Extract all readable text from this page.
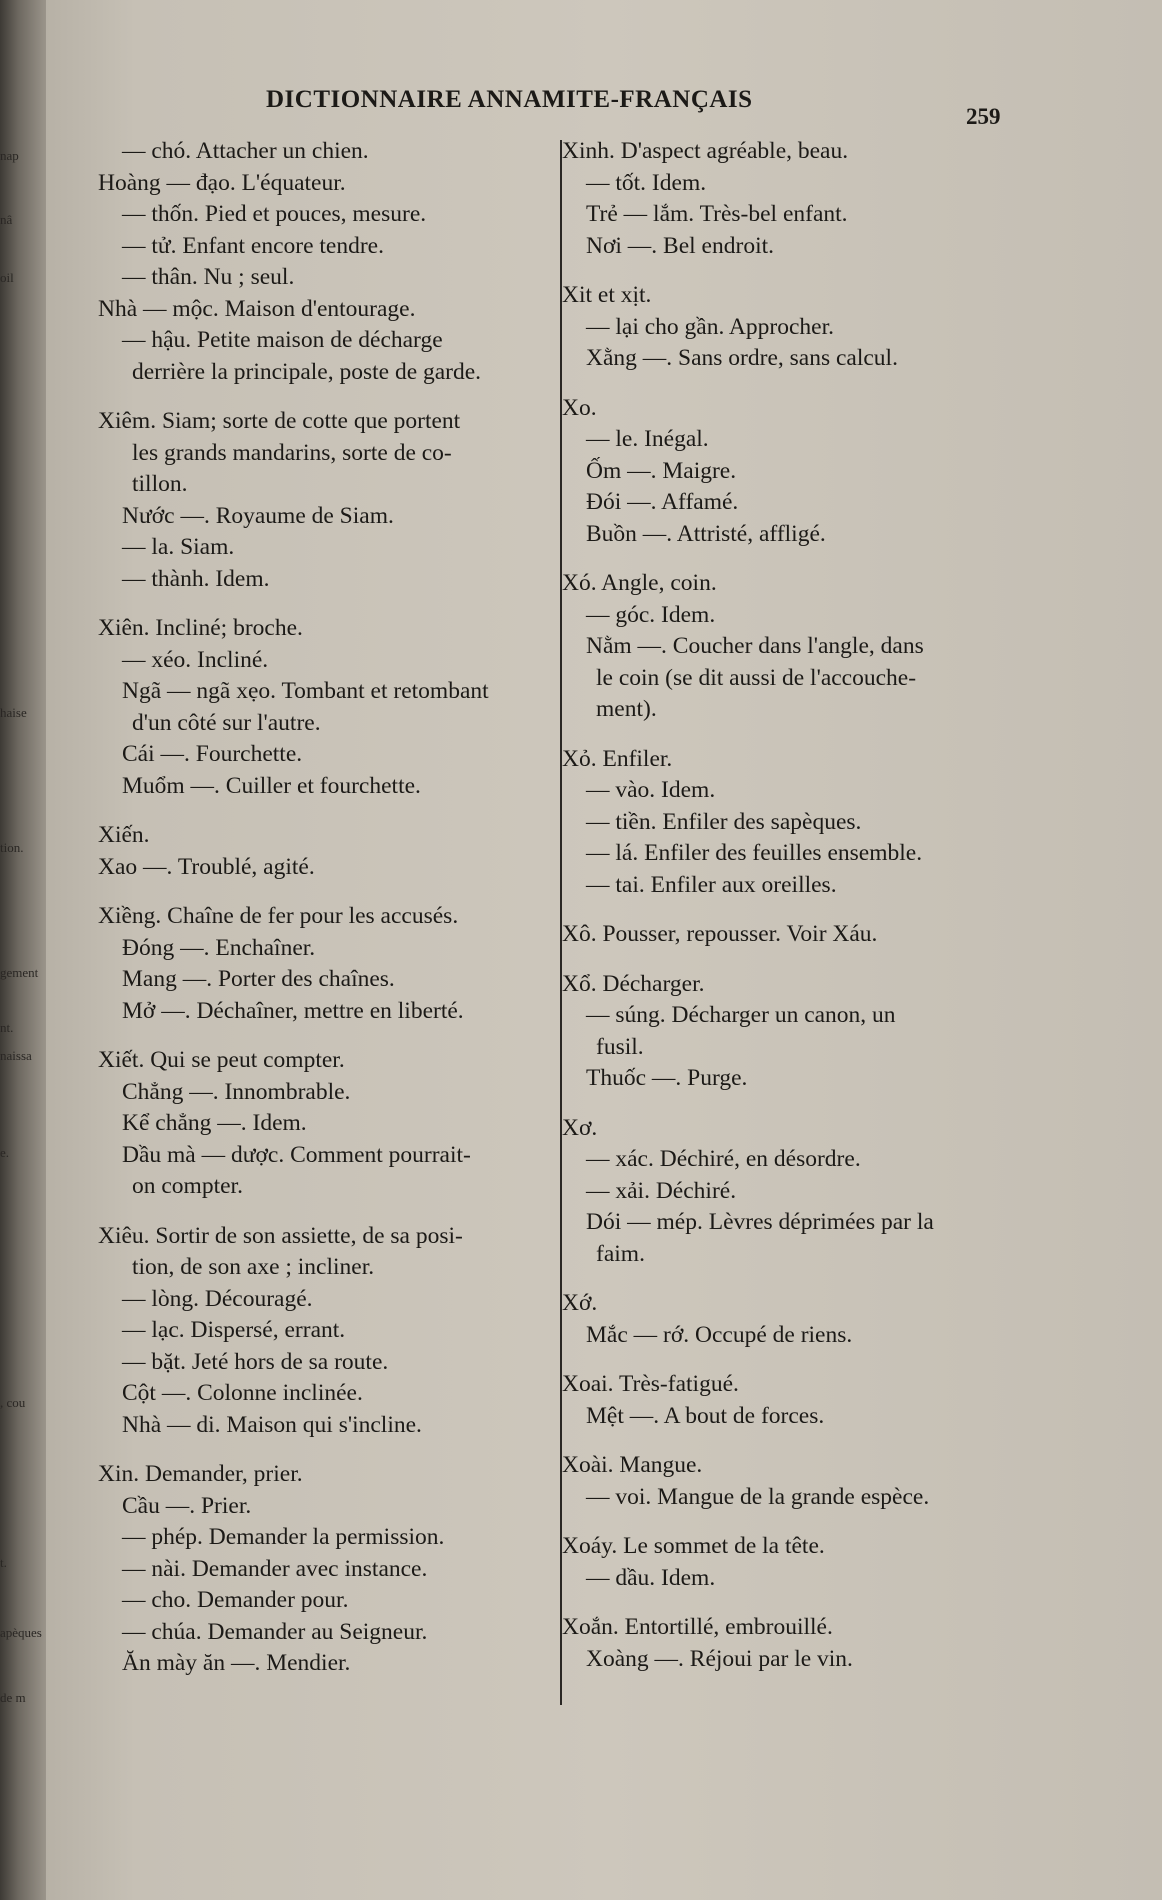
nap
nâ
oil
haise
tion.
gement
nt.
naissa
e.
, cou
t.
apèques
de m
DICTIONNAIRE ANNAMITE-FRANÇAIS
259
— chó. Attacher un chien.
Hoàng — đạo. L'équateur.
— thốn. Pied et pouces, mesure.
— tử. Enfant encore tendre.
— thân. Nu ; seul.
Nhà — mộc. Maison d'entourage.
— hậu. Petite maison de décharge
derrière la principale, poste de garde.
Xiêm. Siam; sorte de cotte que portent
les grands mandarins, sorte de co-
tillon.
Nước —. Royaume de Siam.
— la. Siam.
— thành. Idem.
Xiên. Incliné; broche.
— xéo. Incliné.
Ngã — ngã xẹo. Tombant et retombant
d'un côté sur l'autre.
Cái —. Fourchette.
Muổm —. Cuiller et fourchette.
Xiến.
Xao —. Troublé, agité.
Xiềng. Chaîne de fer pour les accusés.
Đóng —. Enchaîner.
Mang —. Porter des chaînes.
Mở —. Déchaîner, mettre en liberté.
Xiết. Qui se peut compter.
Chẳng —. Innombrable.
Kể chẳng —. Idem.
Dầu mà — dược. Comment pourrait-
on compter.
Xiêu. Sortir de son assiette, de sa posi-
tion, de son axe ; incliner.
— lòng. Découragé.
— lạc. Dispersé, errant.
— bặt. Jeté hors de sa route.
Cột —. Colonne inclinée.
Nhà — di. Maison qui s'incline.
Xin. Demander, prier.
Cầu —. Prier.
— phép. Demander la permission.
— nài. Demander avec instance.
— cho. Demander pour.
— chúa. Demander au Seigneur.
Ăn mày ăn —. Mendier.
Xinh. D'aspect agréable, beau.
— tốt. Idem.
Trẻ — lắm. Très-bel enfant.
Nơi —. Bel endroit.
Xit et xịt.
— lại cho gần. Approcher.
Xằng —. Sans ordre, sans calcul.
Xo.
— le. Inégal.
Ốm —. Maigre.
Đói —. Affamé.
Buồn —. Attristé, affligé.
Xó. Angle, coin.
— góc. Idem.
Nằm —. Coucher dans l'angle, dans
le coin (se dit aussi de l'accouche-
ment).
Xỏ. Enfiler.
— vào. Idem.
— tiền. Enfiler des sapèques.
— lá. Enfiler des feuilles ensemble.
— tai. Enfiler aux oreilles.
Xô. Pousser, repousser. Voir Xáu.
Xổ. Décharger.
— súng. Décharger un canon, un
fusil.
Thuốc —. Purge.
Xơ.
— xác. Déchiré, en désordre.
— xải. Déchiré.
Dói — mép. Lèvres déprimées par la
faim.
Xớ.
Mắc — rớ. Occupé de riens.
Xoai. Très-fatigué.
Mệt —. A bout de forces.
Xoài. Mangue.
— voi. Mangue de la grande espèce.
Xoáy. Le sommet de la tête.
— dầu. Idem.
Xoắn. Entortillé, embrouillé.
Xoàng —. Réjoui par le vin.
